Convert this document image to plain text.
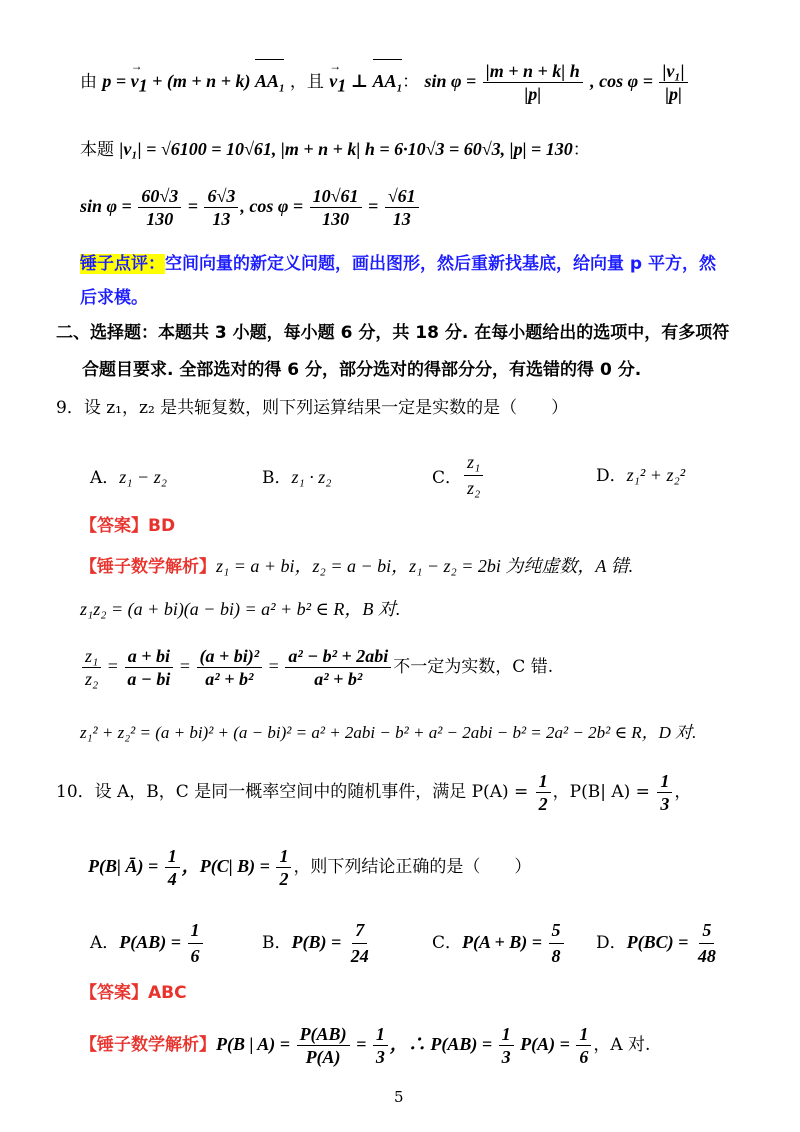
由 p = → $v_1 + (m + n + k)$
$AA_1$ ，且 → $v_1$ ⊥
$AA_1$： $\sin \varphi = \frac{|m + n + k| h}{|p|}$ , $\cos \varphi = \frac{\text{|v₁|}}{|p|}$
本题 |v₁| = √6100 = 10√61, |m + n + k| h = 6·10√3 = 60√3, |p| = 130：
$\sin \varphi = \frac{60√3}{130} = \frac{6√3}{13}$ , $\cos \varphi = \frac{10√61}{130} = \frac{√61}{13}$
锤子点评：空间向量的新定义问题，画出图形，然后重新找基底，给向量 p 平方，然
后求模。
二、选择题：本题共 3 小题，每小题 6 分，共 18 分. 在每小题给出的选项中，有多项符
合题目要求. 全部选对的得 6 分，部分选对的得部分分，有选错的得 0 分.
9．设 z₁，z₂ 是共轭复数，则下列运算结果一定是实数的是（　　）
A．z₁ − z₂	B．z₁ · z₂	C． $\frac{\text{z₁}}{\text{z₂}}$	D．z₁² + z₂²
【答案】BD
【锤子数学解析】z₁ = a + bi，z₂ = a − bi，z₁ − z₂ = 2bi 为纯虚数，A 错.
z₁z₂ = (a + bi)(a − bi) = a² + b² ∈ R，B 对.
$\frac{\text{z₁}}{\text{z₂}} = \frac{a + bi}{a - bi} = \frac{\text{(a + bi)²}}{\text{a² + b²}} = \frac{\text{a² − b² + 2abi}}{\text{a² + b²}}$ 不一定为实数，C 错.
z₁² + z₂² = (a + bi)² + (a − bi)² = a² + 2abi − b² + a² − 2abi − b² = 2a² − 2b² ∈ R，D 对.
10．设 A，B，C 是同一概率空间中的随机事件，满足 $P(A) = \frac{1}{2}$ ，P(B| $A) = \frac{1}{3}$ ，
P(B| Ā) = $\frac{1}{4}$ ，P(C| $B) = \frac{1}{2}$ ，则下列结论正确的是（　　）
A．$P(AB) = \frac{1}{6}$	B．$P(B) = \frac{7}{24}$	C．$P(A + B) = \frac{5}{8}$ D．$P(BC) = \frac{5}{48}$
【答案】ABC
【锤子数学解析】P(B | $A) = \frac{P(AB)}{P(A)} = \frac{1}{3}$ ，∴ $P(AB) = \frac{1}{3} P(A) = \frac{1}{6}$ ，A 对.
5
